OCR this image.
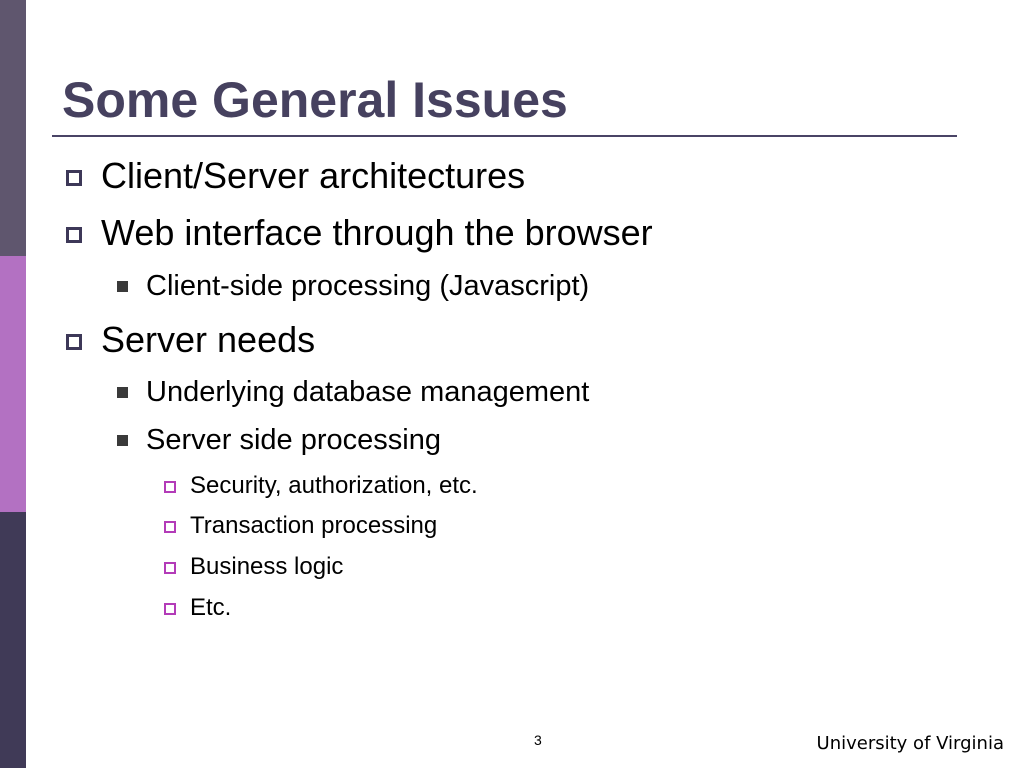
Some General Issues
Client/Server architectures
Web interface through the browser
Client-side processing (Javascript)
Server needs
Underlying database management
Server side processing
Security, authorization, etc.
Transaction processing
Business logic
Etc.
3	University of Virginia
